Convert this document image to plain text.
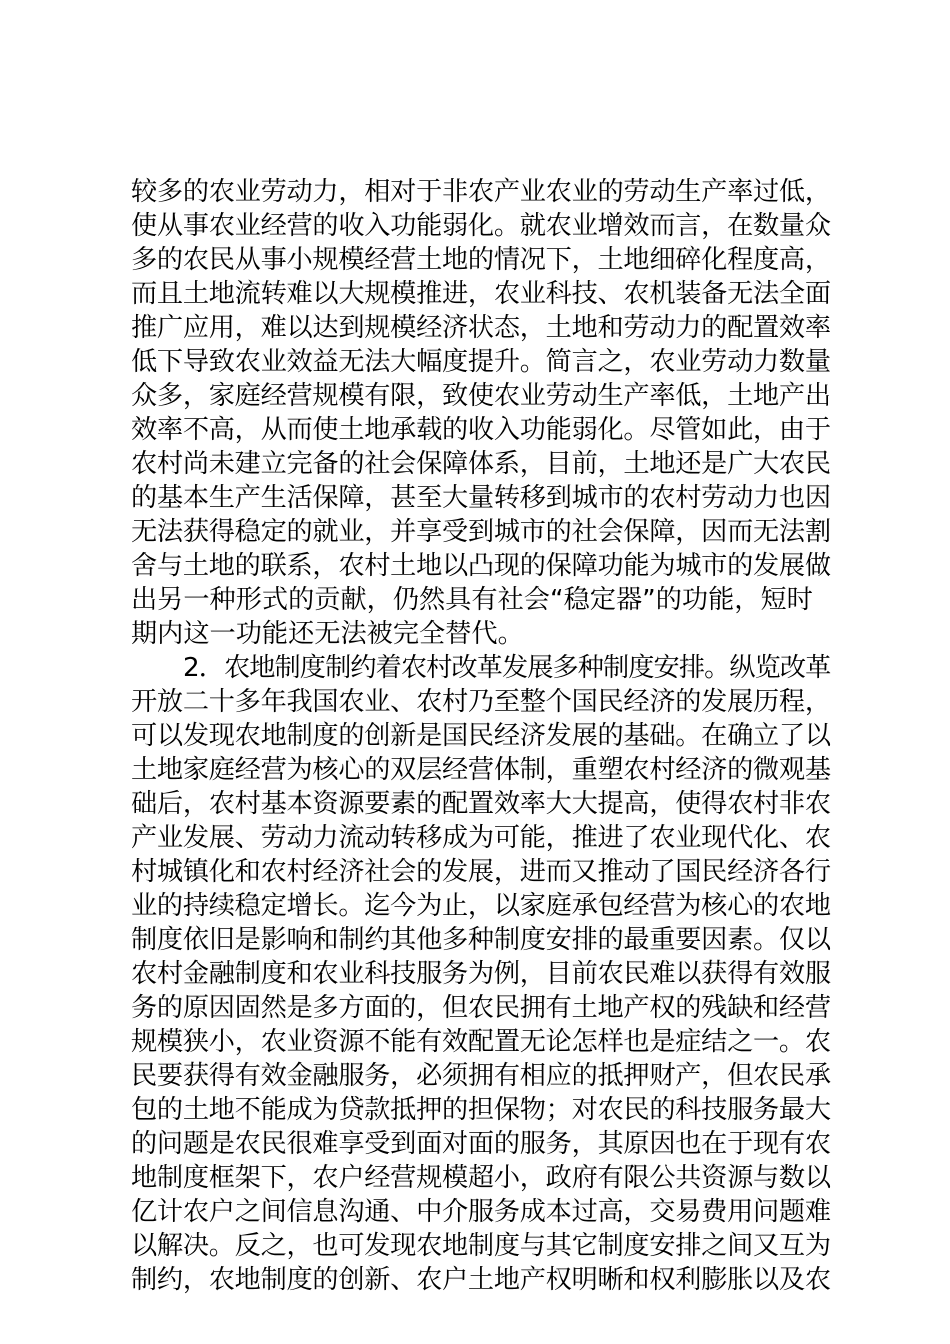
较多的农业劳动力，相对于非农产业农业的劳动生产率过低，
使从事农业经营的收入功能弱化。就农业增效而言，在数量众
多的农民从事小规模经营土地的情况下，土地细碎化程度高，
而且土地流转难以大规模推进，农业科技、农机装备无法全面
推广应用，难以达到规模经济状态，土地和劳动力的配置效率
低下导致农业效益无法大幅度提升。简言之，农业劳动力数量
众多，家庭经营规模有限，致使农业劳动生产率低，土地产出
效率不高，从而使土地承载的收入功能弱化。尽管如此，由于
农村尚未建立完备的社会保障体系，目前，土地还是广大农民
的基本生产生活保障，甚至大量转移到城市的农村劳动力也因
无法获得稳定的就业，并享受到城市的社会保障，因而无法割
舍与土地的联系，农村土地以凸现的保障功能为城市的发展做
出另一种形式的贡献，仍然具有社会“稳定器”的功能，短时
期内这一功能还无法被完全替代。
2．农地制度制约着农村改革发展多种制度安排。纵览改革
开放二十多年我国农业、农村乃至整个国民经济的发展历程，
可以发现农地制度的创新是国民经济发展的基础。在确立了以
土地家庭经营为核心的双层经营体制，重塑农村经济的微观基
础后，农村基本资源要素的配置效率大大提高，使得农村非农
产业发展、劳动力流动转移成为可能，推进了农业现代化、农
村城镇化和农村经济社会的发展，进而又推动了国民经济各行
业的持续稳定增长。迄今为止，以家庭承包经营为核心的农地
制度依旧是影响和制约其他多种制度安排的最重要因素。仅以
农村金融制度和农业科技服务为例，目前农民难以获得有效服
务的原因固然是多方面的，但农民拥有土地产权的残缺和经营
规模狭小，农业资源不能有效配置无论怎样也是症结之一。农
民要获得有效金融服务，必须拥有相应的抵押财产，但农民承
包的土地不能成为贷款抵押的担保物；对农民的科技服务最大
的问题是农民很难享受到面对面的服务，其原因也在于现有农
地制度框架下，农户经营规模超小，政府有限公共资源与数以
亿计农户之间信息沟通、中介服务成本过高，交易费用问题难
以解决。反之，也可发现农地制度与其它制度安排之间又互为
制约，农地制度的创新、农户土地产权明晰和权利膨胀以及农
